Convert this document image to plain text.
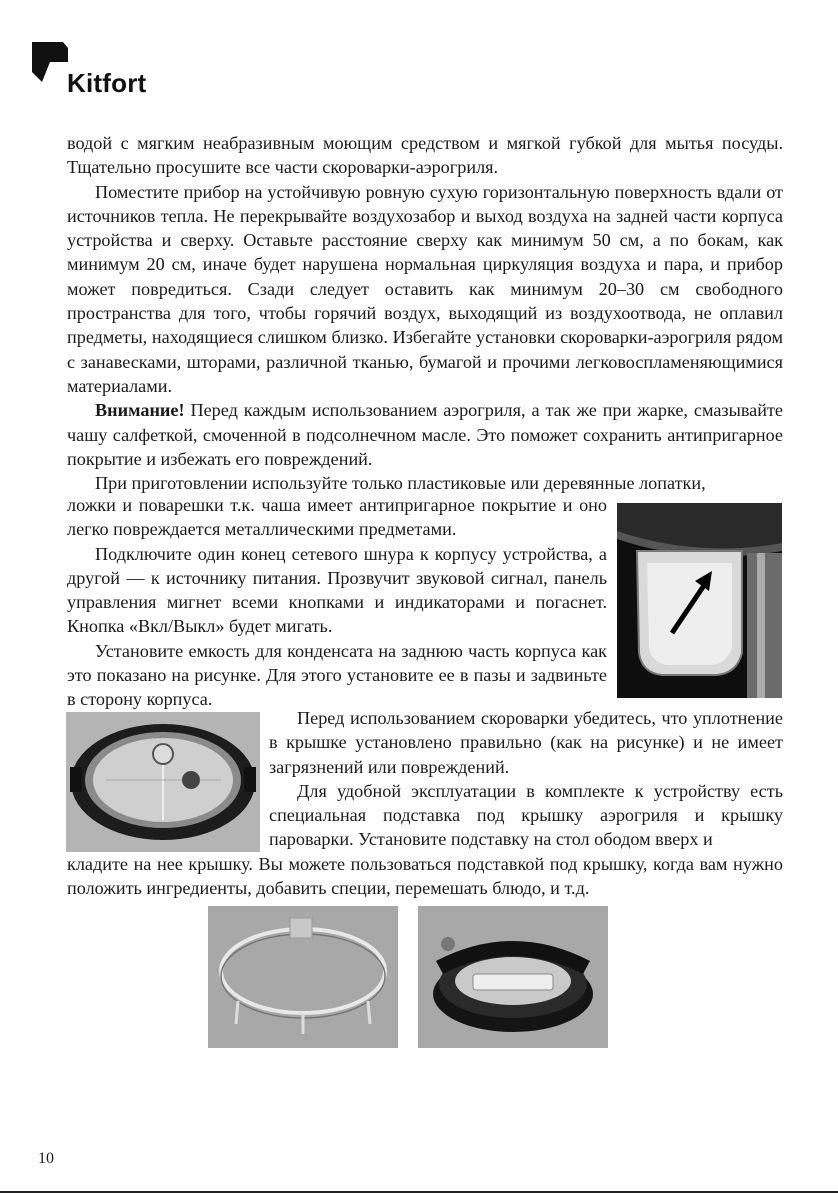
Kitfort

водой с мягким неабразивным моющим средством и мягкой губкой для мытья посуды. Тщательно просушите все части скороварки-аэрогриля.

Поместите прибор на устойчивую ровную сухую горизонтальную поверхность вдали от источников тепла. Не перекрывайте воздухозабор и выход воздуха на задней части корпуса устройства и сверху. Оставьте расстояние сверху как минимум 50 см, а по бокам, как минимум 20 см, иначе будет нарушена нормальная циркуляция воздуха и пара, и прибор может повредиться. Сзади следует оставить как минимум 20–30 см свободного пространства для того, чтобы горячий воздух, выходящий из воздухоотвода, не оплавил предметы, находящиеся слишком близко. Избегайте установки скороварки-аэрогриля рядом с занавесками, шторами, различной тканью, бумагой и прочими легковоспламеняющимися материалами.

Внимание! Перед каждым использованием аэрогриля, а так же при жарке, смазывайте чашу салфеткой, смоченной в подсолнечном масле. Это поможет сохранить антипригарное покрытие и избежать его повреждений.

При приготовлении используйте только пластиковые или деревянные лопатки,

ложки и поварешки т.к. чаша имеет антипригарное покрытие и оно легко повреждается металлическими предметами.

Подключите один конец сетевого шнура к корпусу устройства, а другой — к источнику питания. Прозвучит звуковой сигнал, панель управления мигнет всеми кнопками и индикаторами и погаснет. Кнопка «Вкл/Выкл» будет мигать.

Установите емкость для конденсата на заднюю часть корпуса как это показано на рисунке. Для этого установите ее в пазы и задвиньте в сторону корпуса.

Перед использованием скороварки убедитесь, что уплотнение в крышке установлено правильно (как на рисунке) и не имеет загрязнений или повреждений.

Для удобной эксплуатации в комплекте к устройству есть специальная подставка под крышку аэрогриля и крышку пароварки. Установите подставку на стол ободом вверх и

кладите на нее крышку. Вы можете пользоваться подставкой под крышку, когда вам нужно положить ингредиенты, добавить специи, перемешать блюдо, и т.д.

10
